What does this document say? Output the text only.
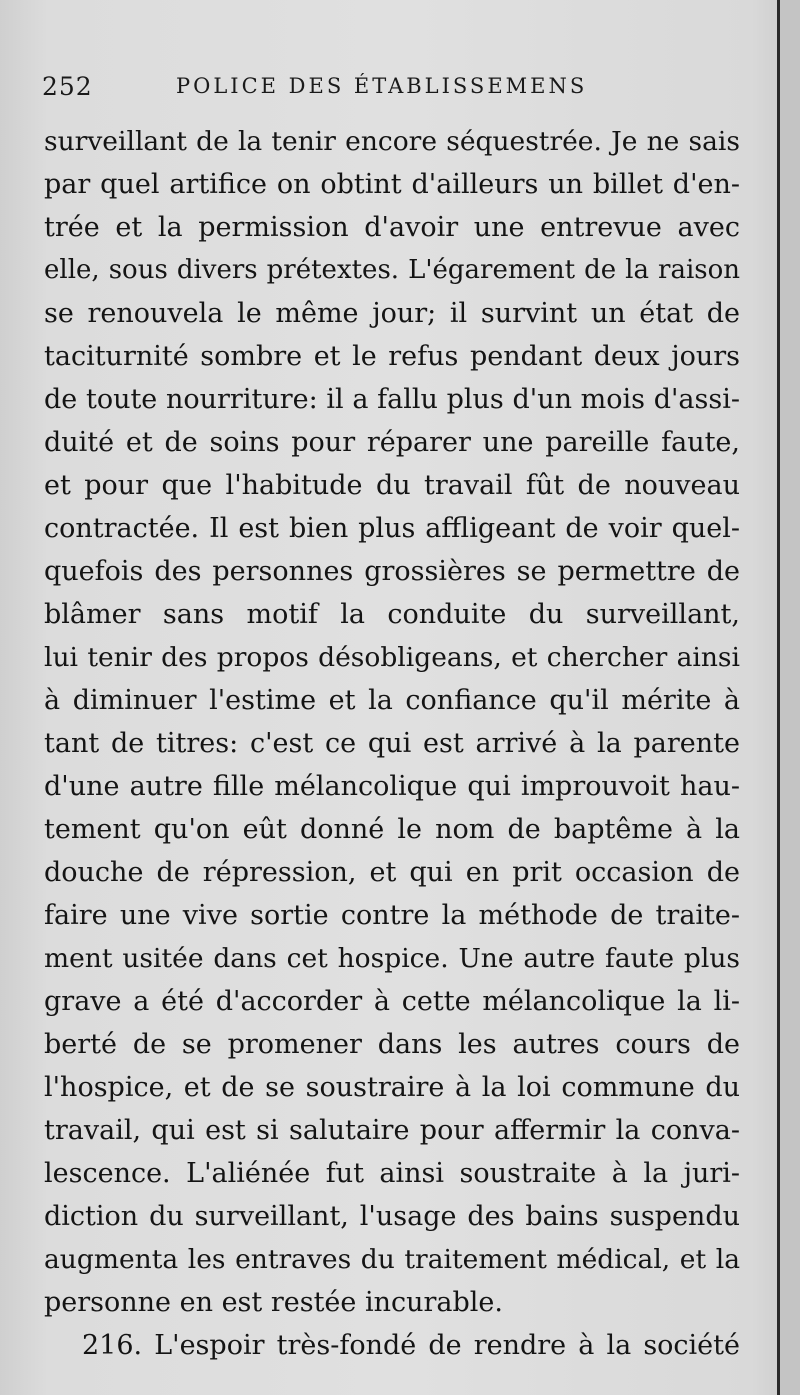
252	POLICE DES ÉTABLISSEMENS
surveillant de la tenir encore séquestrée. Je ne sais
par quel artifice on obtint d'ailleurs un billet d'en-
trée et la permission d'avoir une entrevue avec
elle, sous divers prétextes. L'égarement de la raison
se renouvela le même jour; il survint un état de
taciturnité sombre et le refus pendant deux jours
de toute nourriture: il a fallu plus d'un mois d'assi-
duité et de soins pour réparer une pareille faute,
et pour que l'habitude du travail fût de nouveau
contractée. Il est bien plus affligeant de voir quel-
quefois des personnes grossières se permettre de
blâmer sans motif la conduite du surveillant,
lui tenir des propos désobligeans, et chercher ainsi
à diminuer l'estime et la confiance qu'il mérite à
tant de titres: c'est ce qui est arrivé à la parente
d'une autre fille mélancolique qui improuvoit hau-
tement qu'on eût donné le nom de baptême à la
douche de répression, et qui en prit occasion de
faire une vive sortie contre la méthode de traite-
ment usitée dans cet hospice. Une autre faute plus
grave a été d'accorder à cette mélancolique la li-
berté de se promener dans les autres cours de
l'hospice, et de se soustraire à la loi commune du
travail, qui est si salutaire pour affermir la conva-
lescence. L'aliénée fut ainsi soustraite à la juri-
diction du surveillant, l'usage des bains suspendu
augmenta les entraves du traitement médical, et la
personne en est restée incurable.
216. L'espoir très-fondé de rendre à la société
